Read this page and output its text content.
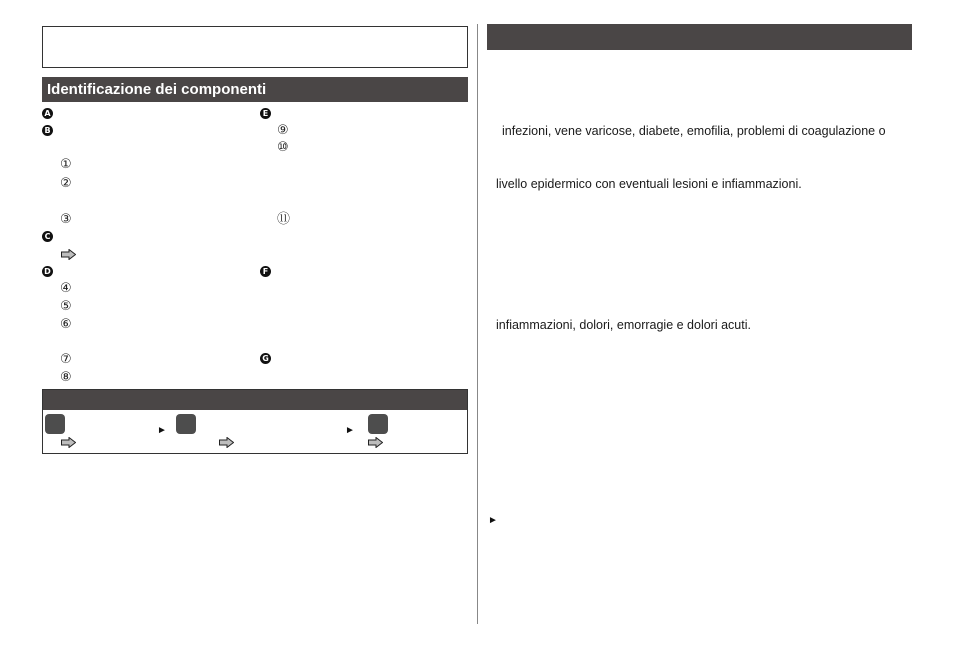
Identificazione dei componenti
A
B
①
②
③
C
D
④
⑤
⑥
⑦
⑧
E
⑨
⑩
⑪
F
G
►	►
infezioni, vene varicose, diabete, emofilia, problemi di coagulazione o
livello epidermico con eventuali lesioni e infiammazioni.
infiammazioni, dolori, emorragie e dolori acuti.
►
